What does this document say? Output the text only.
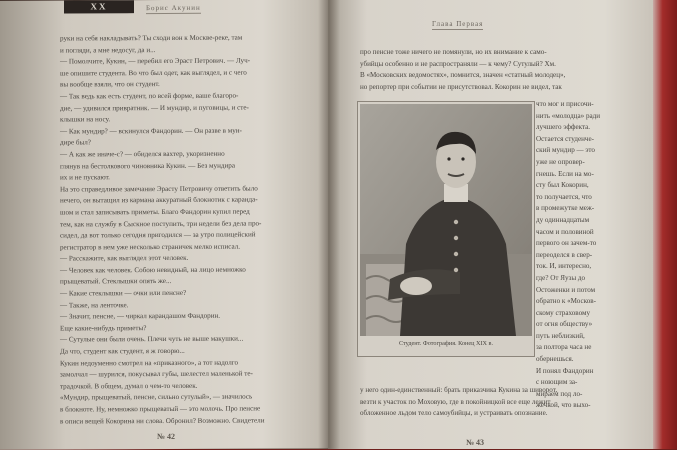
XX	Борис Акунин
руки на себя накладывать? Ты сходи вон к Москве-реке, там
и погляди, а мне недосуг, да и...
— Помолчите, Кукин, — перебил его Эраст Петрович. — Луч-
ше опишите студента. Во что был одет, как выглядел, и с чего
вы вообще взяли, что он студент.
— Так ведь как есть студент, по всей форме, ваше благоро-
дие, — удивился привратник. — И мундир, и пуговицы, и сте-
клышки на носу.
— Как мундир? — вскинулся Фандорин. — Он разве в мун-
дире был?
— А как же иначе-с? — обиделся вахтер, укоризненно
глянув на бестолкового чиновника Кукин. — Без мундира
их и не пускают.
На это справедливое замечание Эрасту Петровичу ответить было
нечего, он вытащил из кармана аккуратный блокнотик с каранда-
шом и стал записывать приметы. Благо Фандорин купил перед
тем, как на службу в Сыскное поступить, три недели без дела про-
сидел, да вот только сегодня пригодился — за утро полицейский
регистратор в нем уже несколько страничек мелко исписал.
— Расскажите, как выглядел этот человек.
— Человек как человек. Собою невидный, на лицо немножко
прыщеватый. Стеклышки опять же...
— Какие стеклышки — очки или пенсне?
— Также, на ленточке.
— Значит, пенсне, — чиркал карандашом Фандорин.
Еще какие-нибудь приметы?
— Сутулые они были очень. Плечи чуть не выше макушки...
Да что, студент как студент, я ж говорю...
Кукин недоуменно смотрел на «приказного», а тот надолго
замолчал — шурился, покусывал губы, шелестел маленькой те-
традочкой. В общем, думал о чем-то человек.
«Мундир, прыщеватый, пенсне, сильно сутулый», — значилось
в блокноте. Ну, немножко прыщеватый — это молочь. Про пенсне
в описи вещей Кокорина ни слова. Обронил? Возможно. Свидетели
№ 42
Глава Первая
про пенсне тоже ничего не помянули, но их внимание к само-
убийцы особенно и не распространяли — к чему? Сутулый? Хм.
В «Московских ведомостях», помнится, значен «статный молодец»,
но репортер при событии не присутствовал. Кокорин не видел, так
Студент. Фотография. Конец XIX в.
что мог и присочи-
нить «молодца» ради
лучшего эффекта.
Остается студенче-
ский мундир — это
уже не опровер-
гнешь. Если на мо-
сту был Кокорин,
то получается, что
в промежутке меж-
ду одиннадцатым
часом и половиной
первого он зачем-то
переоделся в свер-
ток. И, интересно,
где? От Яузы до
Остоженки и потом
обратно к «Москов-
скому страховому
от огня обществу»
путь неблизкий,
за полтора часа не
обернешься.
И понял Фандорин
с ноющим за-
мираем под ло-
жечкой, что выхо-
у него один-единственный: брать приказчика Кукина за шиворот,
везти к участок по Моховую, где в покойницкой все еще лежит
обложенное льдом тело самоубийцы, и устраивать опознание.
№ 43
